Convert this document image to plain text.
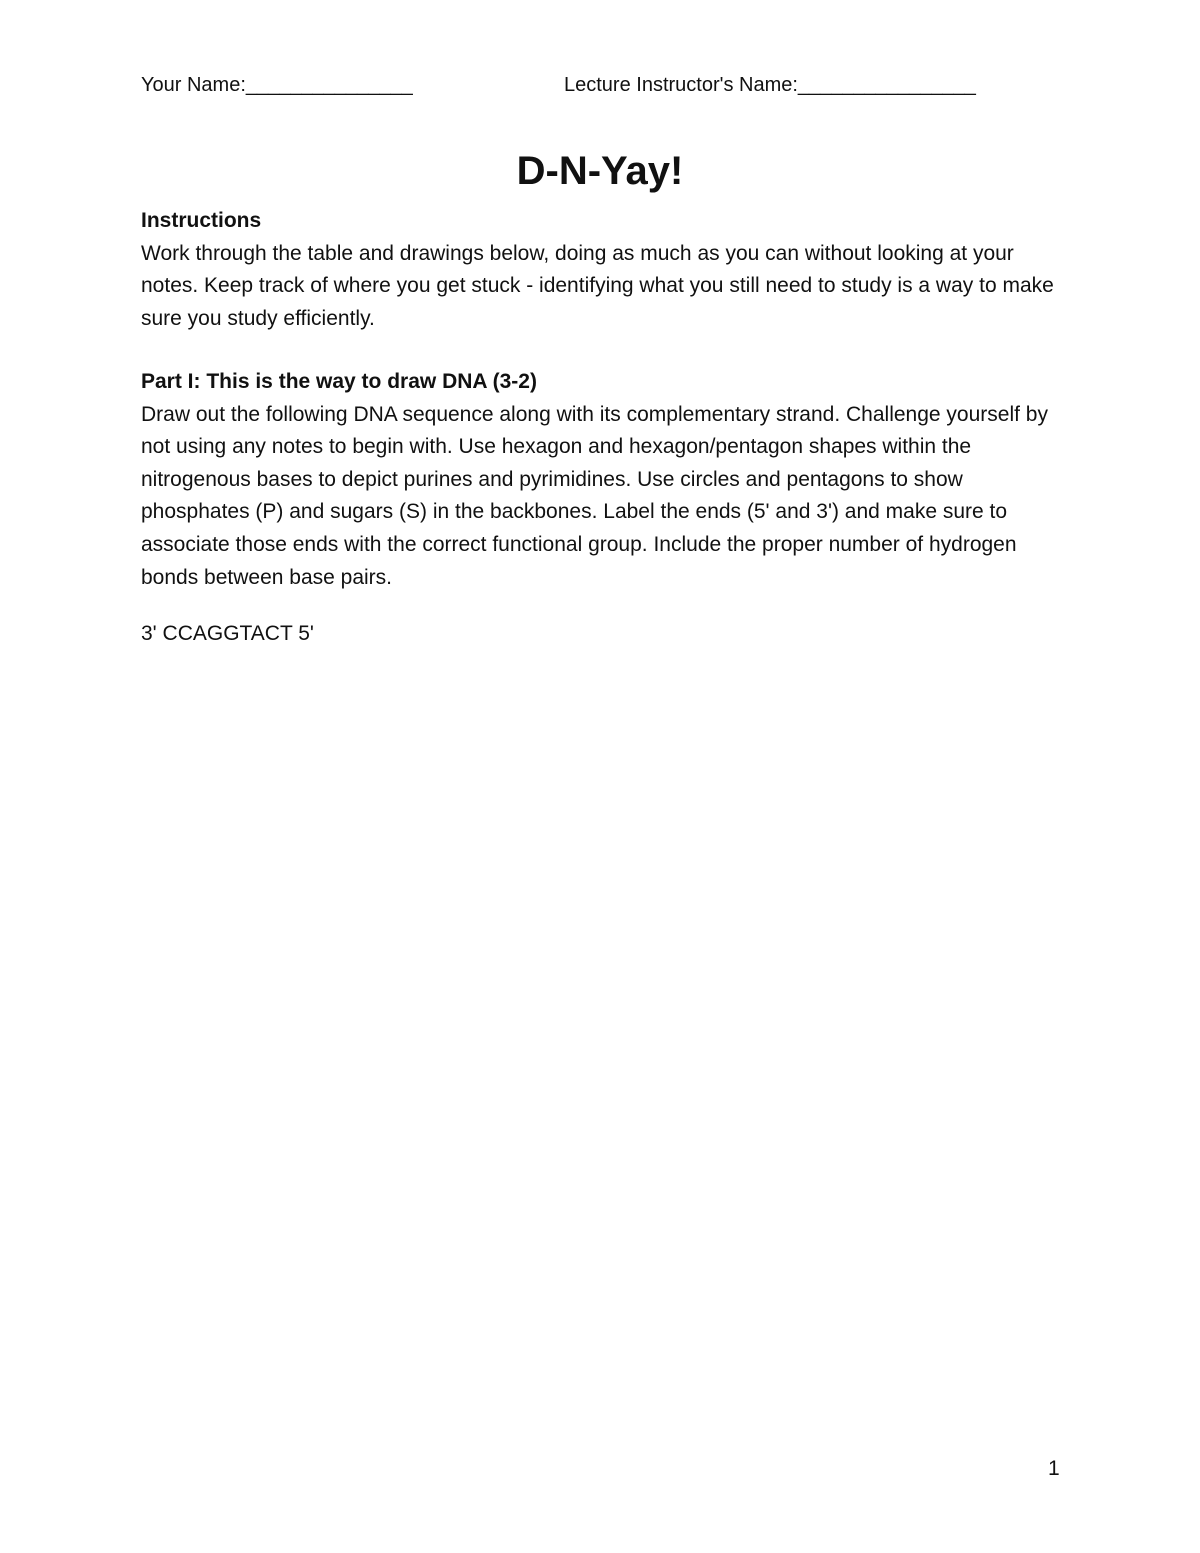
Your Name:_______________	Lecture Instructor's Name:________________
D-N-Yay!
Instructions

Work through the table and drawings below, doing as much as you can without looking at your notes. Keep track of where you get stuck - identifying what you still need to study is a way to make sure you study efficiently.

Part I: This is the way to draw DNA (3-2)

Draw out the following DNA sequence along with its complementary strand. Challenge yourself by not using any notes to begin with. Use hexagon and hexagon/pentagon shapes within the nitrogenous bases to depict purines and pyrimidines. Use circles and pentagons to show phosphates (P) and sugars (S) in the backbones. Label the ends (5' and 3') and make sure to associate those ends with the correct functional group. Include the proper number of hydrogen bonds between base pairs.

3' CCAGGTACT 5'
1
